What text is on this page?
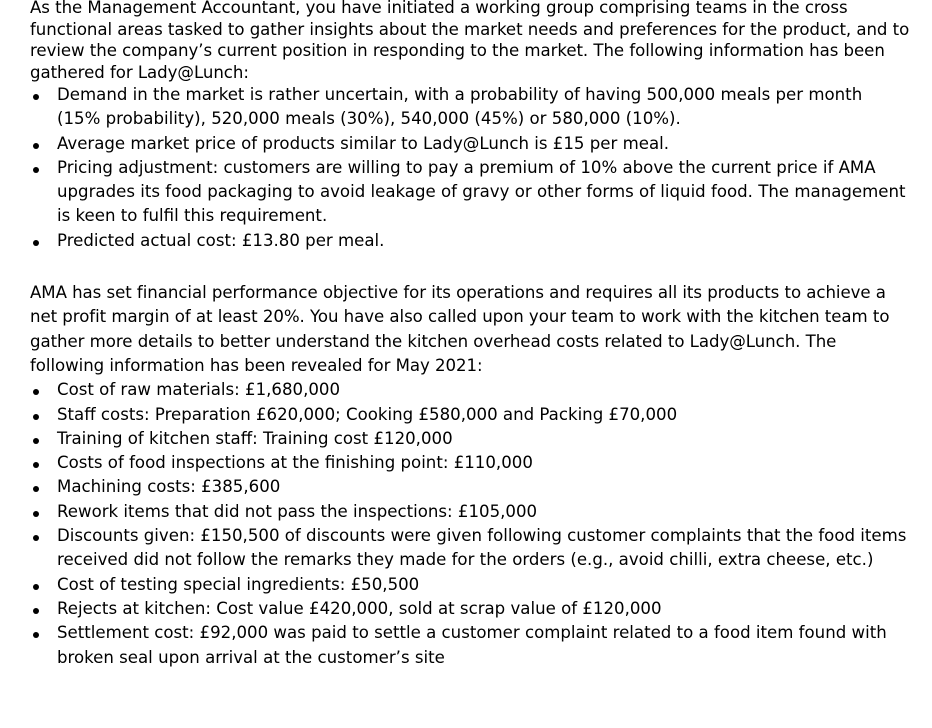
As the Management Accountant, you have initiated a working group comprising teams in the cross functional areas tasked to gather insights about the market needs and preferences for the product, and to review the company’s current position in responding to the market. The following information has been gathered for Lady@Lunch:

Demand in the market is rather uncertain, with a probability of having 500,000 meals per month (15% probability), 520,000 meals (30%), 540,000 (45%) or 580,000 (10%).
Average market price of products similar to Lady@Lunch is £15 per meal.
Pricing adjustment: customers are willing to pay a premium of 10% above the current price if AMA upgrades its food packaging to avoid leakage of gravy or other forms of liquid food. The management is keen to fulfil this requirement.
Predicted actual cost: £13.80 per meal.

AMA has set financial performance objective for its operations and requires all its products to achieve a net profit margin of at least 20%. You have also called upon your team to work with the kitchen team to gather more details to better understand the kitchen overhead costs related to Lady@Lunch. The following information has been revealed for May 2021:

Cost of raw materials: £1,680,000
Staff costs: Preparation £620,000; Cooking £580,000 and Packing £70,000
Training of kitchen staff: Training cost £120,000
Costs of food inspections at the finishing point: £110,000
Machining costs: £385,600
Rework items that did not pass the inspections: £105,000
Discounts given: £150,500 of discounts were given following customer complaints that the food items received did not follow the remarks they made for the orders (e.g., avoid chilli, extra cheese, etc.)
Cost of testing special ingredients: £50,500
Rejects at kitchen: Cost value £420,000, sold at scrap value of £120,000
Settlement cost: £92,000 was paid to settle a customer complaint related to a food item found with broken seal upon arrival at the customer’s site
